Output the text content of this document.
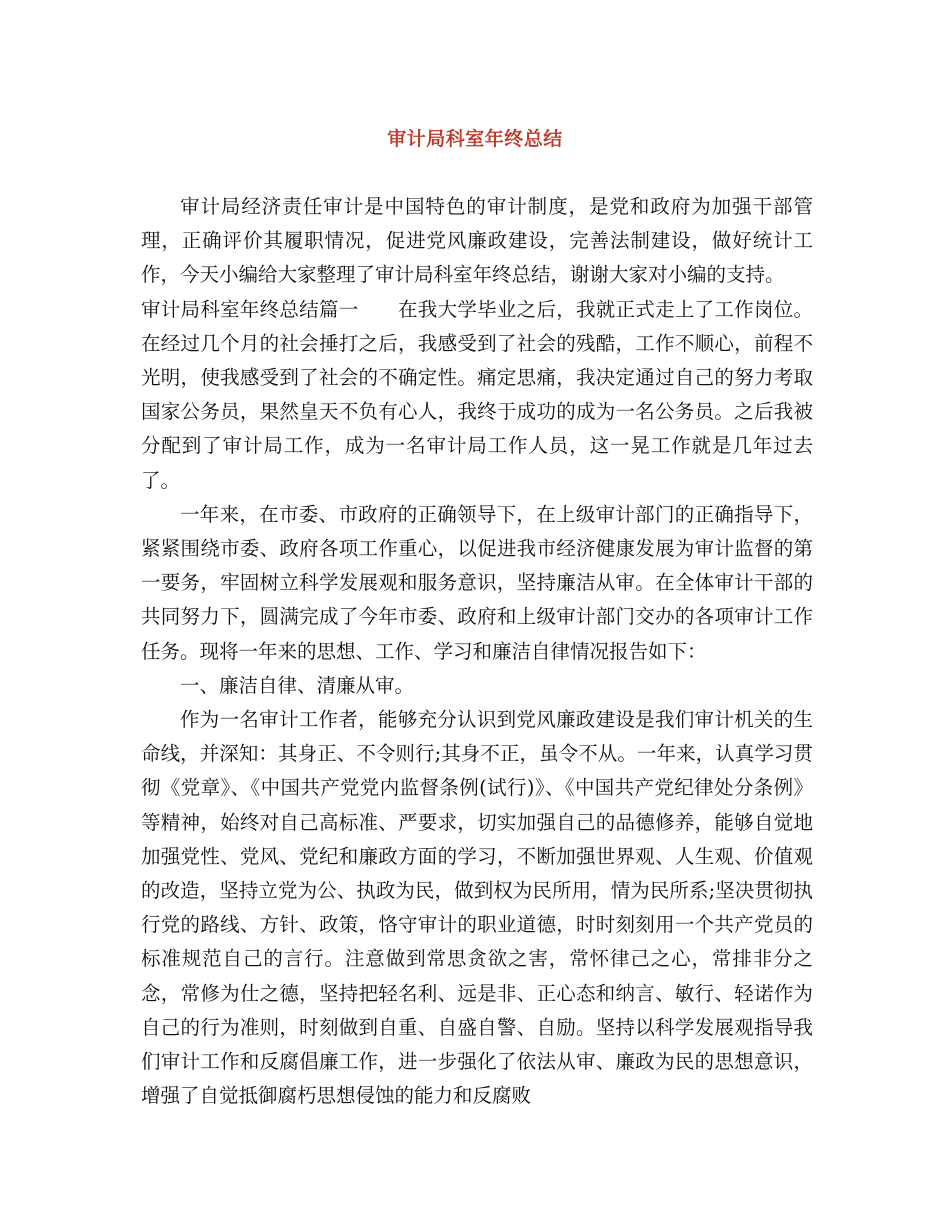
审计局科室年终总结

审计局经济责任审计是中国特色的审计制度，是党和政府为加强干部管理，正确评价其履职情况，促进党风廉政建设，完善法制建设，做好统计工作，今天小编给大家整理了审计局科室年终总结，谢谢大家对小编的支持。

审计局科室年终总结篇一　　在我大学毕业之后，我就正式走上了工作岗位。在经过几个月的社会捶打之后，我感受到了社会的残酷，工作不顺心，前程不光明，使我感受到了社会的不确定性。痛定思痛，我决定通过自己的努力考取国家公务员，果然皇天不负有心人，我终于成功的成为一名公务员。之后我被分配到了审计局工作，成为一名审计局工作人员，这一晃工作就是几年过去了。

一年来，在市委、市政府的正确领导下，在上级审计部门的正确指导下，紧紧围绕市委、政府各项工作重心，以促进我市经济健康发展为审计监督的第一要务，牢固树立科学发展观和服务意识，坚持廉洁从审。在全体审计干部的共同努力下，圆满完成了今年市委、政府和上级审计部门交办的各项审计工作任务。现将一年来的思想、工作、学习和廉洁自律情况报告如下：

一、廉洁自律、清廉从审。

作为一名审计工作者，能够充分认识到党风廉政建设是我们审计机关的生命线，并深知：其身正、不令则行;其身不正，虽令不从。一年来，认真学习贯彻《党章》、《中国共产党党内监督条例(试行)》、《中国共产党纪律处分条例》等精神，始终对自己高标准、严要求，切实加强自己的品德修养，能够自觉地加强党性、党风、党纪和廉政方面的学习，不断加强世界观、人生观、价值观的改造，坚持立党为公、执政为民，做到权为民所用，情为民所系;坚决贯彻执行党的路线、方针、政策，恪守审计的职业道德，时时刻刻用一个共产党员的标准规范自己的言行。注意做到常思贪欲之害，常怀律己之心，常排非分之念，常修为仕之德，坚持把轻名利、远是非、正心态和纳言、敏行、轻诺作为自己的行为准则，时刻做到自重、自盛自警、自励。坚持以科学发展观指导我们审计工作和反腐倡廉工作，进一步强化了依法从审、廉政为民的思想意识，增强了自觉抵御腐朽思想侵蚀的能力和反腐败
